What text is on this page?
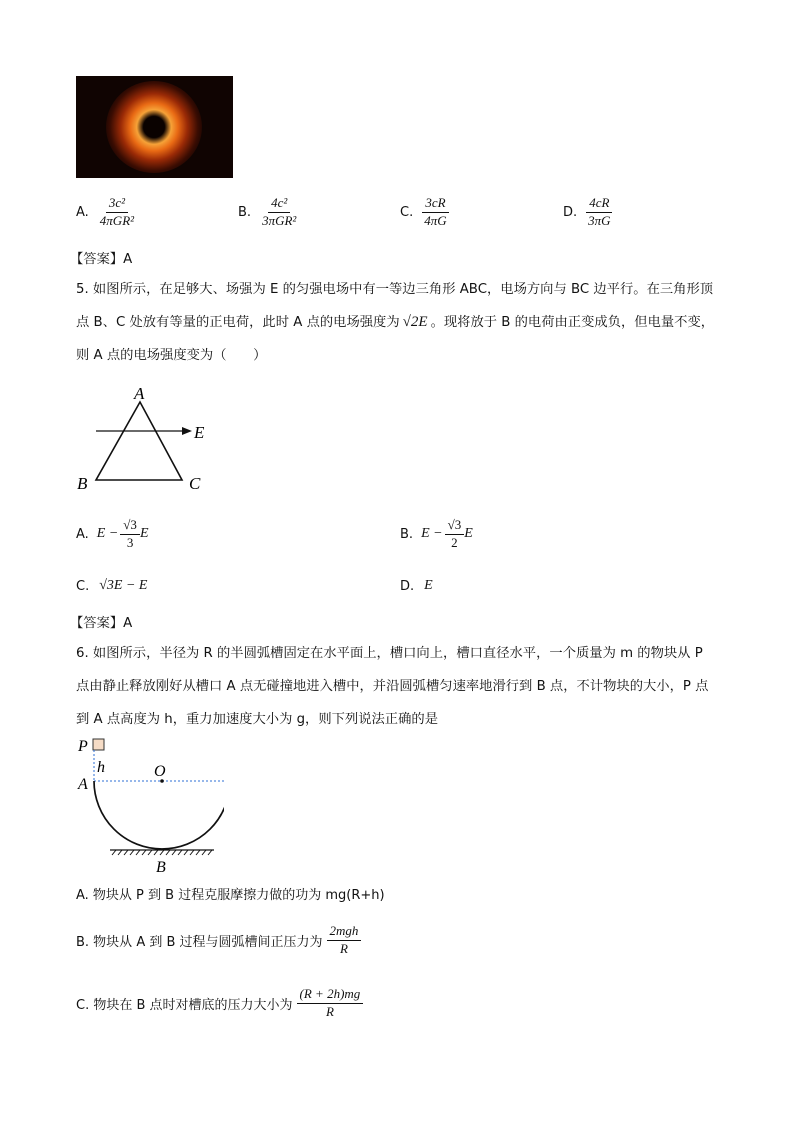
A. $\frac{\text{3c²}}{\text{4πGR²}}$	B. $\frac{\text{4c²}}{\text{3πGR²}}$	C. $\frac{3cR}{4\pi G}$	D. $\frac{4cR}{3\pi G}$
【答案】A
5. 如图所示，在足够大、场强为 E 的匀强电场中有一等边三角形 ABC，电场方向与 BC 边平行。在三角形顶
点 B、C 处放有等量的正电荷，此时 A 点的电场强度为 √2E 。现将放于 B 的电荷由正变成负，但电量不变，
则 A 点的电场强度变为（　　）
A
E
B	C
A. $E - \frac{√3}{3}$ E	B. $E - \frac{√3}{2}$ E
C. √3E − E	D. E
【答案】A
6. 如图所示，半径为 R 的半圆弧槽固定在水平面上，槽口向上，槽口直径水平，一个质量为 m 的物块从 P
点由静止释放刚好从槽口 A 点无碰撞地进入槽中，并沿圆弧槽匀速率地滑行到 B 点，不计物块的大小，P 点
到 A 点高度为 h，重力加速度大小为 g，则下列说法正确的是
P
h	O
A
B
A. 物块从 P 到 B 过程克服摩擦力做的功为 mg(R+h)
B. 物块从 A 到 B 过程与圆弧槽间正压力为 $\frac{\text{2mgh}}{R}$
C. 物块在 B 点时对槽底的压力大小为 $\frac{(R + 2h)mg}{R}$
